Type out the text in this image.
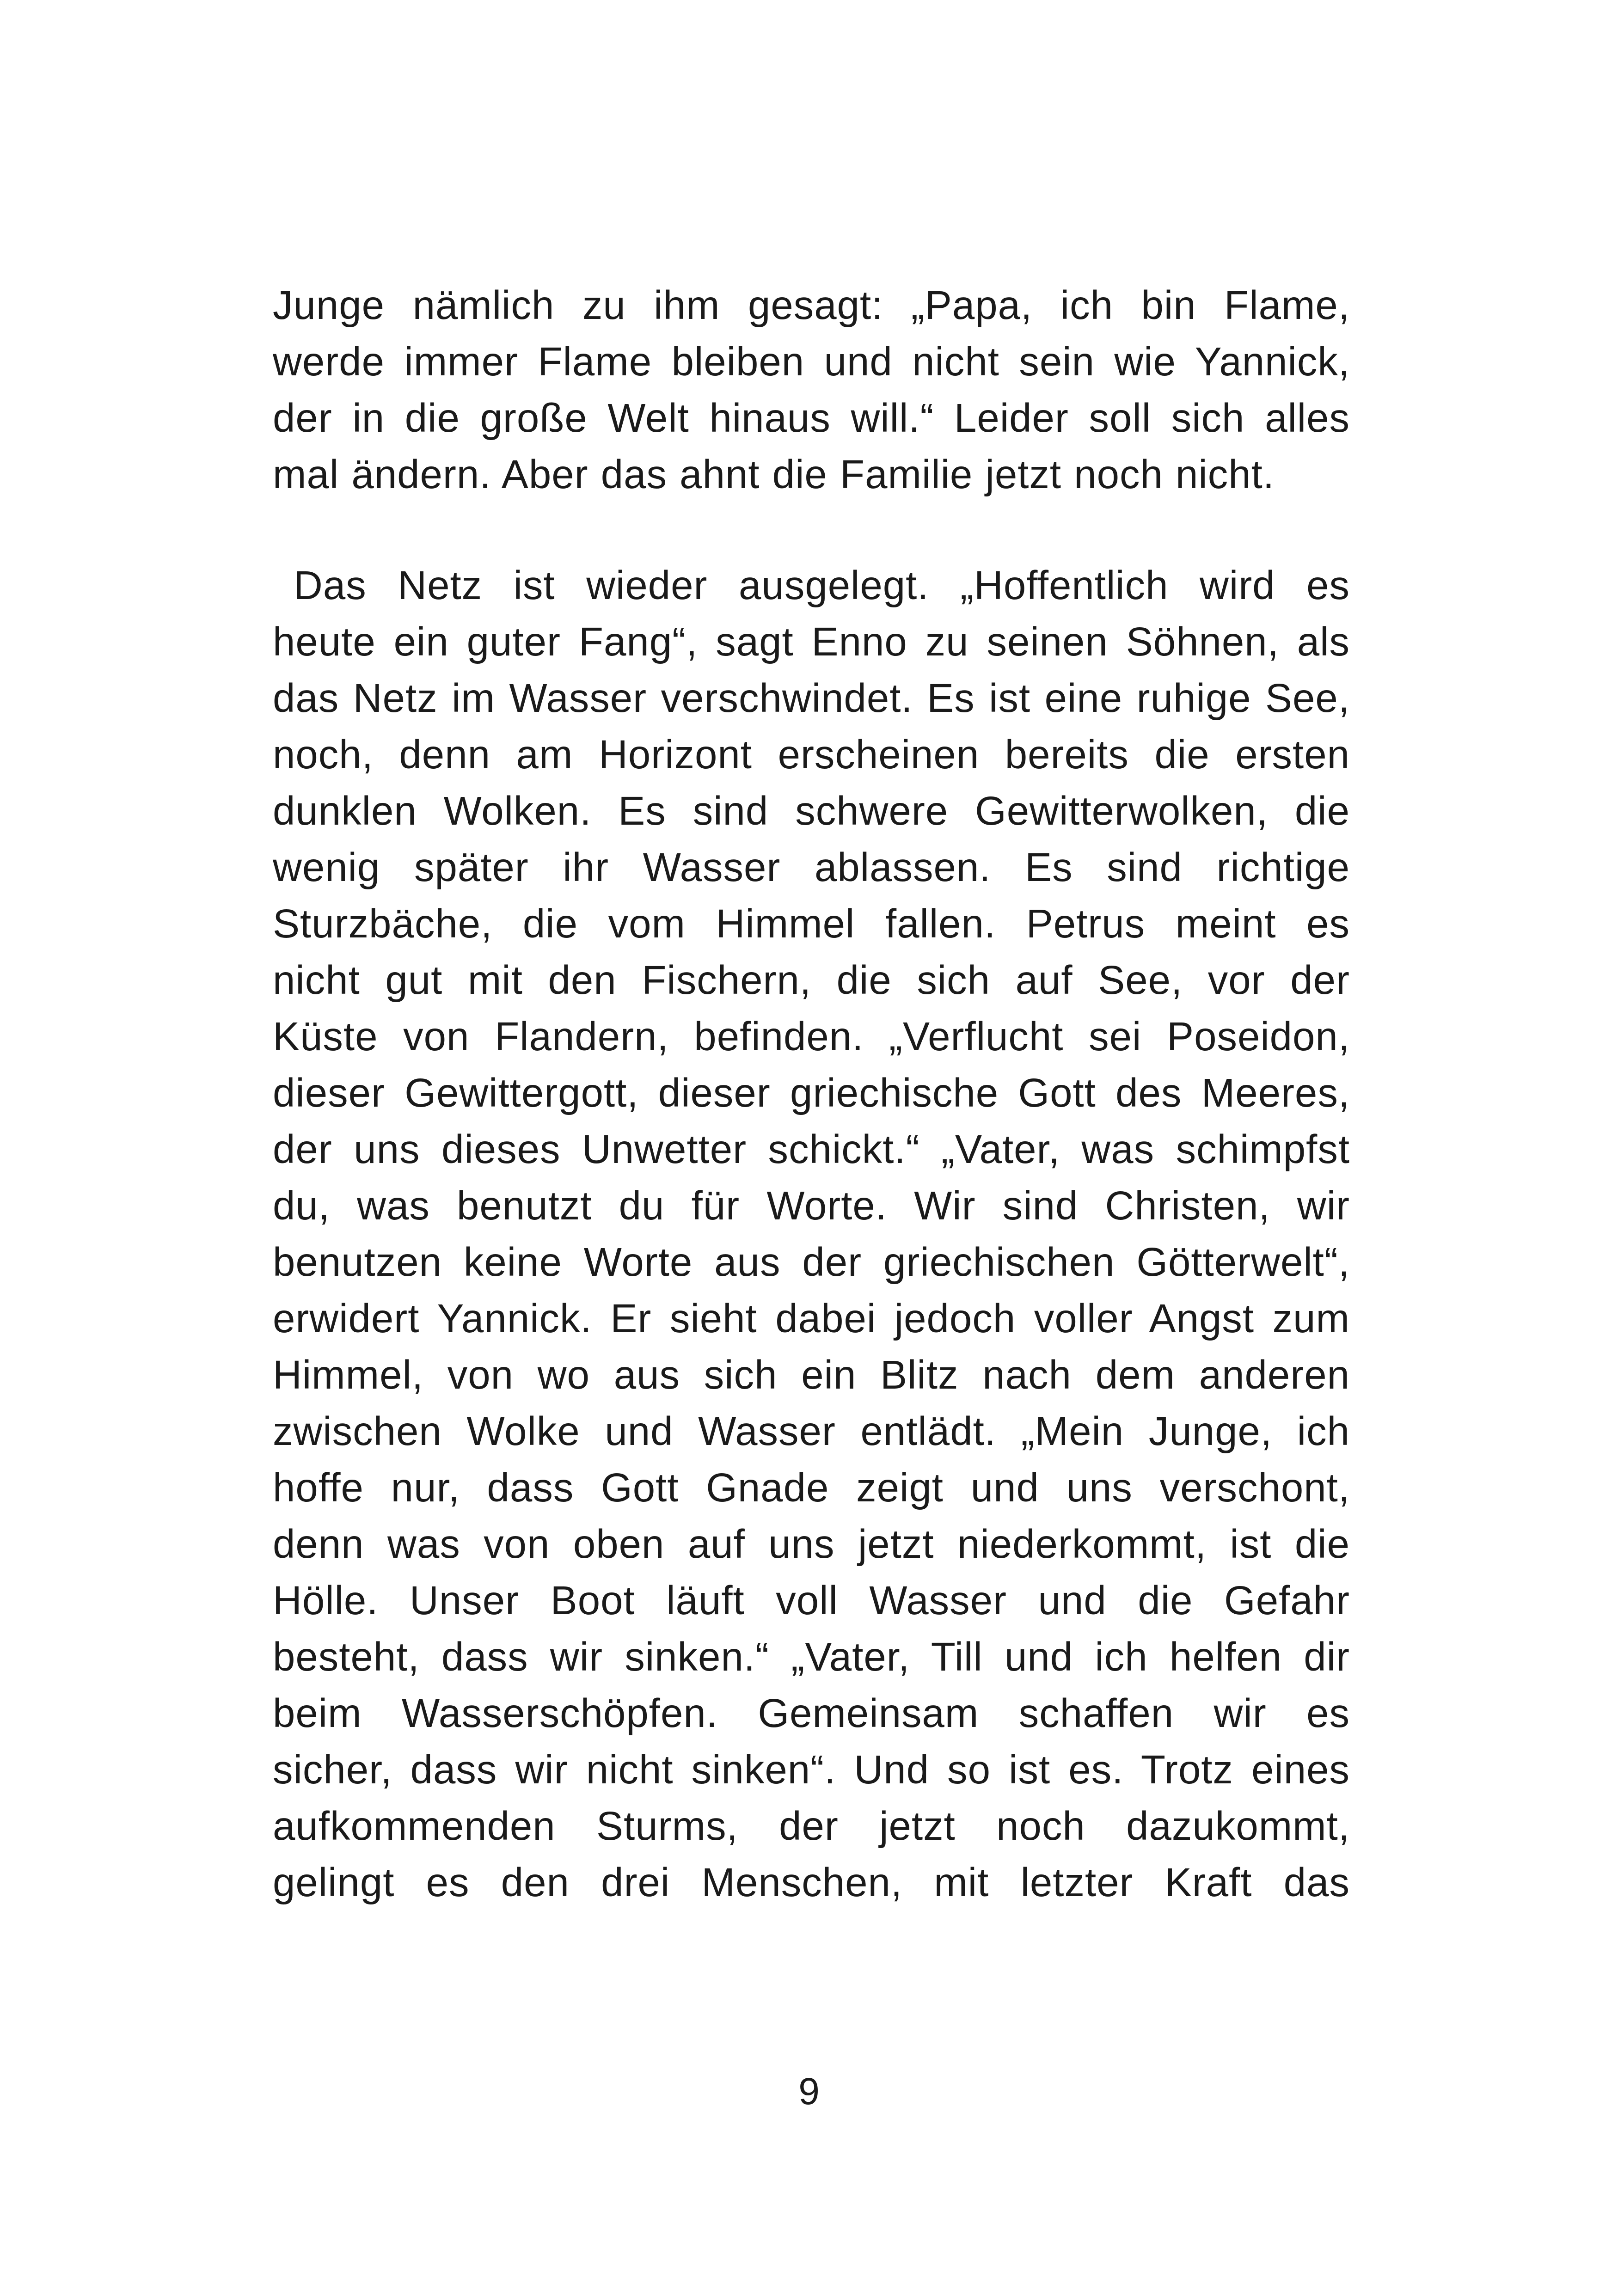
Junge nämlich zu ihm gesagt: „Papa, ich bin Flame,
werde immer Flame bleiben und nicht sein wie Yannick,
der in die große Welt hinaus will.“ Leider soll sich alles
mal ändern. Aber das ahnt die Familie jetzt noch nicht.
Das Netz ist wieder ausgelegt. „Hoffentlich wird es
heute ein guter Fang“, sagt Enno zu seinen Söhnen, als
das Netz im Wasser verschwindet. Es ist eine ruhige See,
noch, denn am Horizont erscheinen bereits die ersten
dunklen Wolken. Es sind schwere Gewitterwolken, die
wenig später ihr Wasser ablassen. Es sind richtige
Sturzbäche, die vom Himmel fallen. Petrus meint es
nicht gut mit den Fischern, die sich auf See, vor der
Küste von Flandern, befinden. „Verflucht sei Poseidon,
dieser Gewittergott, dieser griechische Gott des Meeres,
der uns dieses Unwetter schickt.“ „Vater, was schimpfst
du, was benutzt du für Worte. Wir sind Christen, wir
benutzen keine Worte aus der griechischen Götterwelt“,
erwidert Yannick. Er sieht dabei jedoch voller Angst zum
Himmel, von wo aus sich ein Blitz nach dem anderen
zwischen Wolke und Wasser entlädt. „Mein Junge, ich
hoffe nur, dass Gott Gnade zeigt und uns verschont,
denn was von oben auf uns jetzt niederkommt, ist die
Hölle. Unser Boot läuft voll Wasser und die Gefahr
besteht, dass wir sinken.“ „Vater, Till und ich helfen dir
beim Wasserschöpfen. Gemeinsam schaffen wir es
sicher, dass wir nicht sinken“. Und so ist es. Trotz eines
aufkommenden Sturms, der jetzt noch dazukommt,
gelingt es den drei Menschen, mit letzter Kraft das
9
